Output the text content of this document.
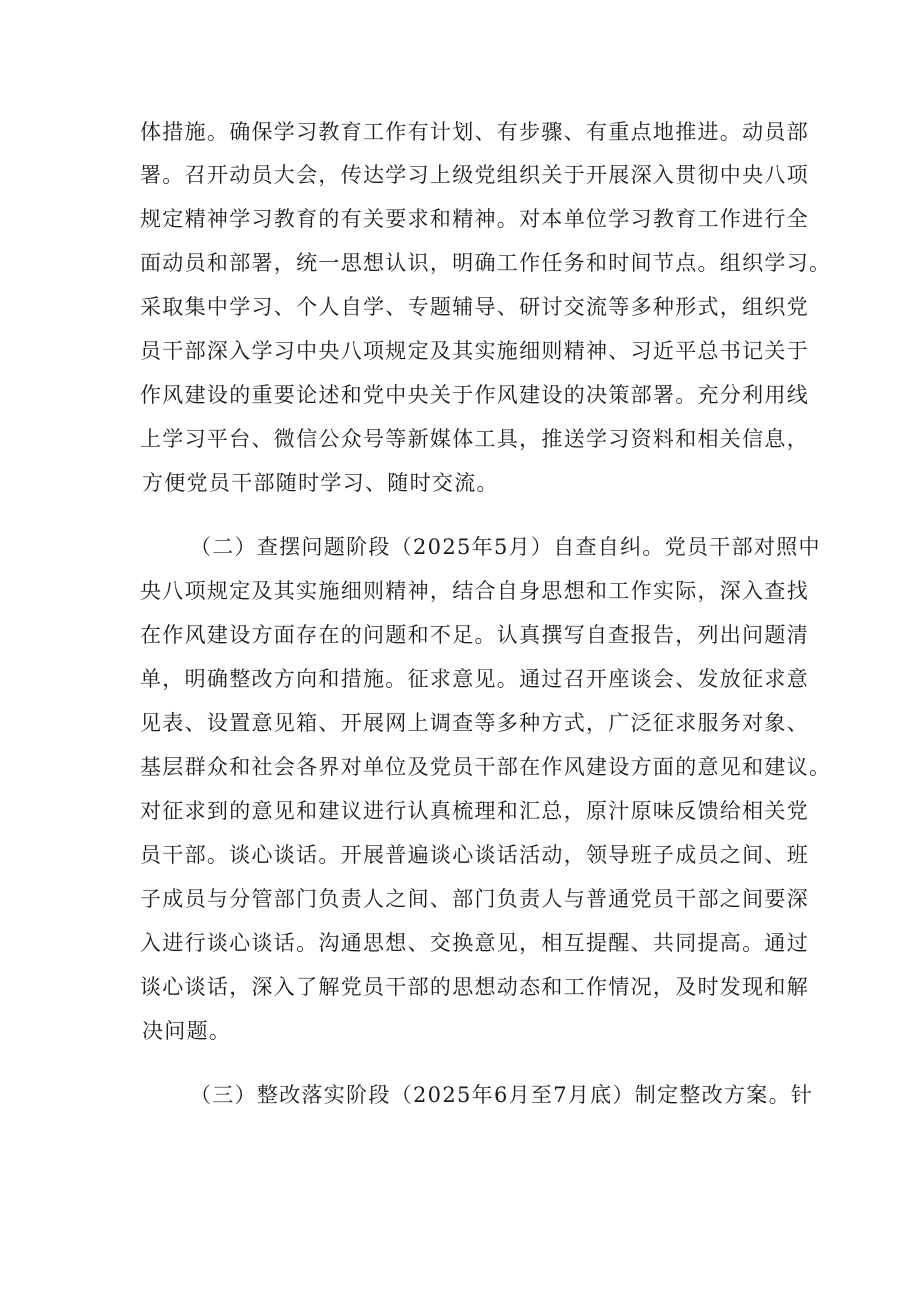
体措施。确保学习教育工作有计划、有步骤、有重点地推进。动员部
署。召开动员大会，传达学习上级党组织关于开展深入贯彻中央八项
规定精神学习教育的有关要求和精神。对本单位学习教育工作进行全
面动员和部署，统一思想认识，明确工作任务和时间节点。组织学习。
采取集中学习、个人自学、专题辅导、研讨交流等多种形式，组织党
员干部深入学习中央八项规定及其实施细则精神、习近平总书记关于
作风建设的重要论述和党中央关于作风建设的决策部署。充分利用线
上学习平台、微信公众号等新媒体工具，推送学习资料和相关信息，
方便党员干部随时学习、随时交流。
（二）查摆问题阶段（2025年5月）自查自纠。党员干部对照中
央八项规定及其实施细则精神，结合自身思想和工作实际，深入查找
在作风建设方面存在的问题和不足。认真撰写自查报告，列出问题清
单，明确整改方向和措施。征求意见。通过召开座谈会、发放征求意
见表、设置意见箱、开展网上调查等多种方式，广泛征求服务对象、
基层群众和社会各界对单位及党员干部在作风建设方面的意见和建议。
对征求到的意见和建议进行认真梳理和汇总，原汁原味反馈给相关党
员干部。谈心谈话。开展普遍谈心谈话活动，领导班子成员之间、班
子成员与分管部门负责人之间、部门负责人与普通党员干部之间要深
入进行谈心谈话。沟通思想、交换意见，相互提醒、共同提高。通过
谈心谈话，深入了解党员干部的思想动态和工作情况，及时发现和解
决问题。
（三）整改落实阶段（2025年6月至7月底）制定整改方案。针
